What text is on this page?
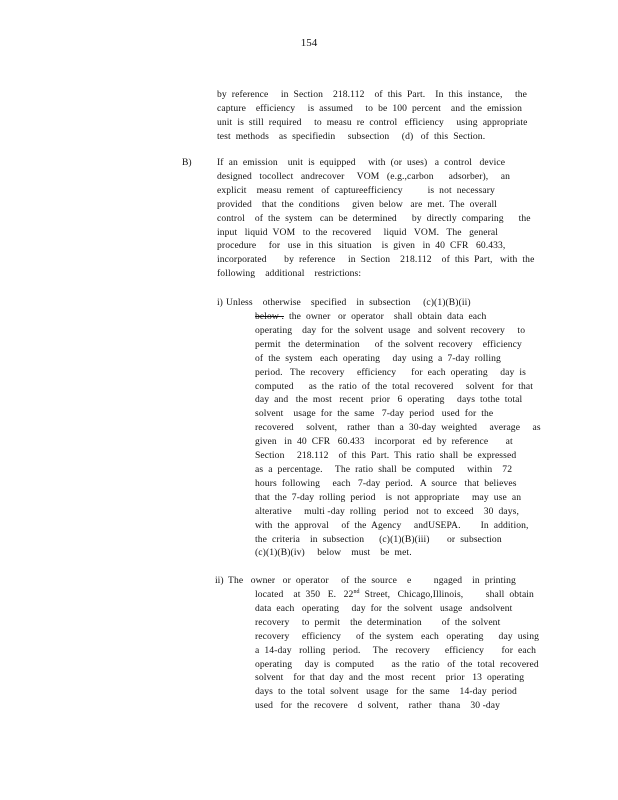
154
by  reference     in  Section    218.112    of  this  Part.    In  this  instance,     the
capture    efficiency     is  assumed     to  be  100  percent    and  the  emission
unit  is  still  required     to  measu  re  control   efficiency     using  appropriate
test  methods    as  specifiedin     subsection     (d)   of  this  Section.
B)	If  an  emission    unit  is  equipped     with  (or  uses)   a  control   device
designed   tocollect   andrecover     VOM   (e.g.,carbon      adsorber),     an
explicit    measu  rement   of  captureefficiency          is  not  necessary
provided    that  the  conditions     given  below   are  met.  The  overall
control    of  the  system   can  be  determined      by  directly  comparing      the
input   liquid  VOM   to  the  recovered     liquid   VOM.   The   general
procedure     for   use  in  this  situation    is  given   in  40  CFR   60.433,
incorporated       by  reference     in  Section    218.112    of  this  Part,   with  the
following    additional    restrictions:
i) Unless    otherwise    specified    in  subsection     (c)(1)(B)(ii)
below .  the  owner   or  operator    shall  obtain  data  each
operating    day  for  the  solvent  usage   and  solvent  recovery     to
permit   the  determination      of  the  solvent  recovery    efficiency
of  the  system   each  operating     day  using  a  7-day  rolling
period.   The  recovery     efficiency      for  each  operating     day  is
computed      as  the  ratio  of  the  total  recovered     solvent   for  that
day  and   the  most   recent   prior   6  operating     days  tothe  total
solvent    usage  for  the  same   7-day  period   used  for  the
recovered     solvent,    rather   than  a  30-day  weighted     average     as
given   in  40  CFR   60.433    incorporat   ed  by  reference       at
Section     218.112    of  this  Part.  This  ratio  shall  be  expressed
as  a  percentage.     The  ratio  shall  be  computed     within    72
hours  following     each   7-day  period.   A  source   that  believes
that  the  7-day  rolling  period    is  not  appropriate     may  use  an
alterative     multi -day  rolling   period   not  to  exceed    30  days,
with  the  approval     of  the  Agency     andUSEPA.        In  addition,
the  criteria    in  subsection      (c)(1)(B)(iii)       or  subsection
(c)(1)(B)(iv)     below    must    be  met.
ii) The   owner   or  operator     of  the  source    e         ngaged    in  printing
located    at  350   E.   22nd  Street,   Chicago,Illinois,         shall  obtain
data  each   operating     day  for  the  solvent   usage   andsolvent
recovery     to  permit    the  determination        of  the  solvent
recovery     efficiency      of  the  system   each   operating      day  using
a  14-day   rolling   period.     The   recovery      efficiency       for  each
operating     day  is  computed       as  the  ratio   of  the  total  recovered
solvent    for  that  day  and  the  most   recent    prior   13  operating
days  to  the  total  solvent   usage   for  the  same    14-day  period
used   for  the  recovere    d  solvent,    rather   thana    30 -day
